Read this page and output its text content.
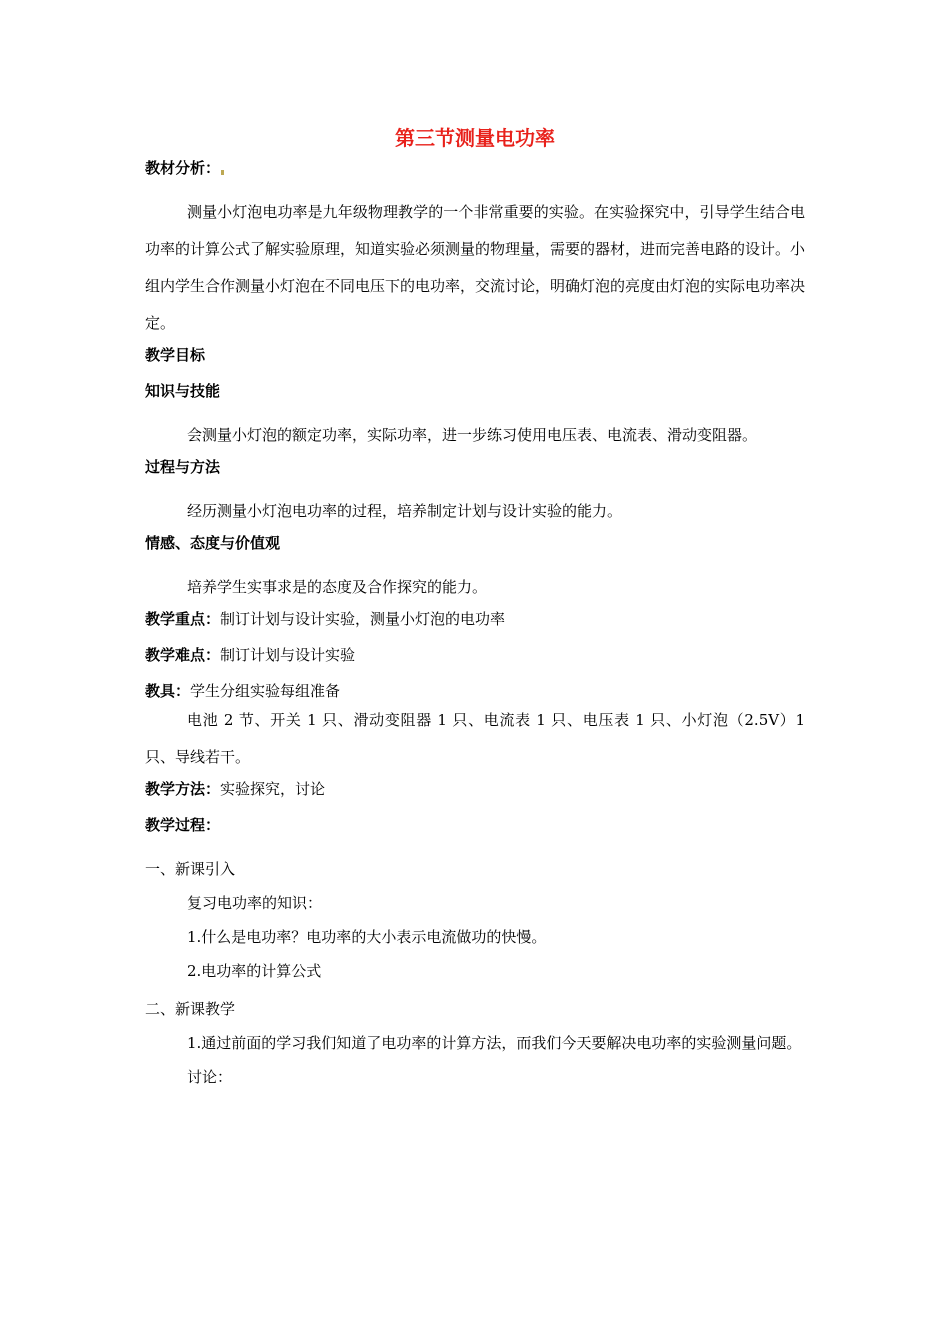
第三节测量电功率
教材分析：
测量小灯泡电功率是九年级物理教学的一个非常重要的实验。在实验探究中，引导学生结合电功率的计算公式了解实验原理，知道实验必须测量的物理量，需要的器材，进而完善电路的设计。小组内学生合作测量小灯泡在不同电压下的电功率，交流讨论，明确灯泡的亮度由灯泡的实际电功率决定。
教学目标
知识与技能
会测量小灯泡的额定功率，实际功率，进一步练习使用电压表、电流表、滑动变阻器。
过程与方法
经历测量小灯泡电功率的过程，培养制定计划与设计实验的能力。
情感、态度与价值观
培养学生实事求是的态度及合作探究的能力。
教学重点：制订计划与设计实验，测量小灯泡的电功率
教学难点：制订计划与设计实验
教具：学生分组实验每组准备
电池 2 节、开关 1 只、滑动变阻器 1 只、电流表 1 只、电压表 1 只、小灯泡（2.5V）1 只、导线若干。
教学方法：实验探究，讨论
教学过程：
一、新课引入
复习电功率的知识：
1.什么是电功率？电功率的大小表示电流做功的快慢。
2.电功率的计算公式
二、新课教学
1.通过前面的学习我们知道了电功率的计算方法，而我们今天要解决电功率的实验测量问题。
讨论：
